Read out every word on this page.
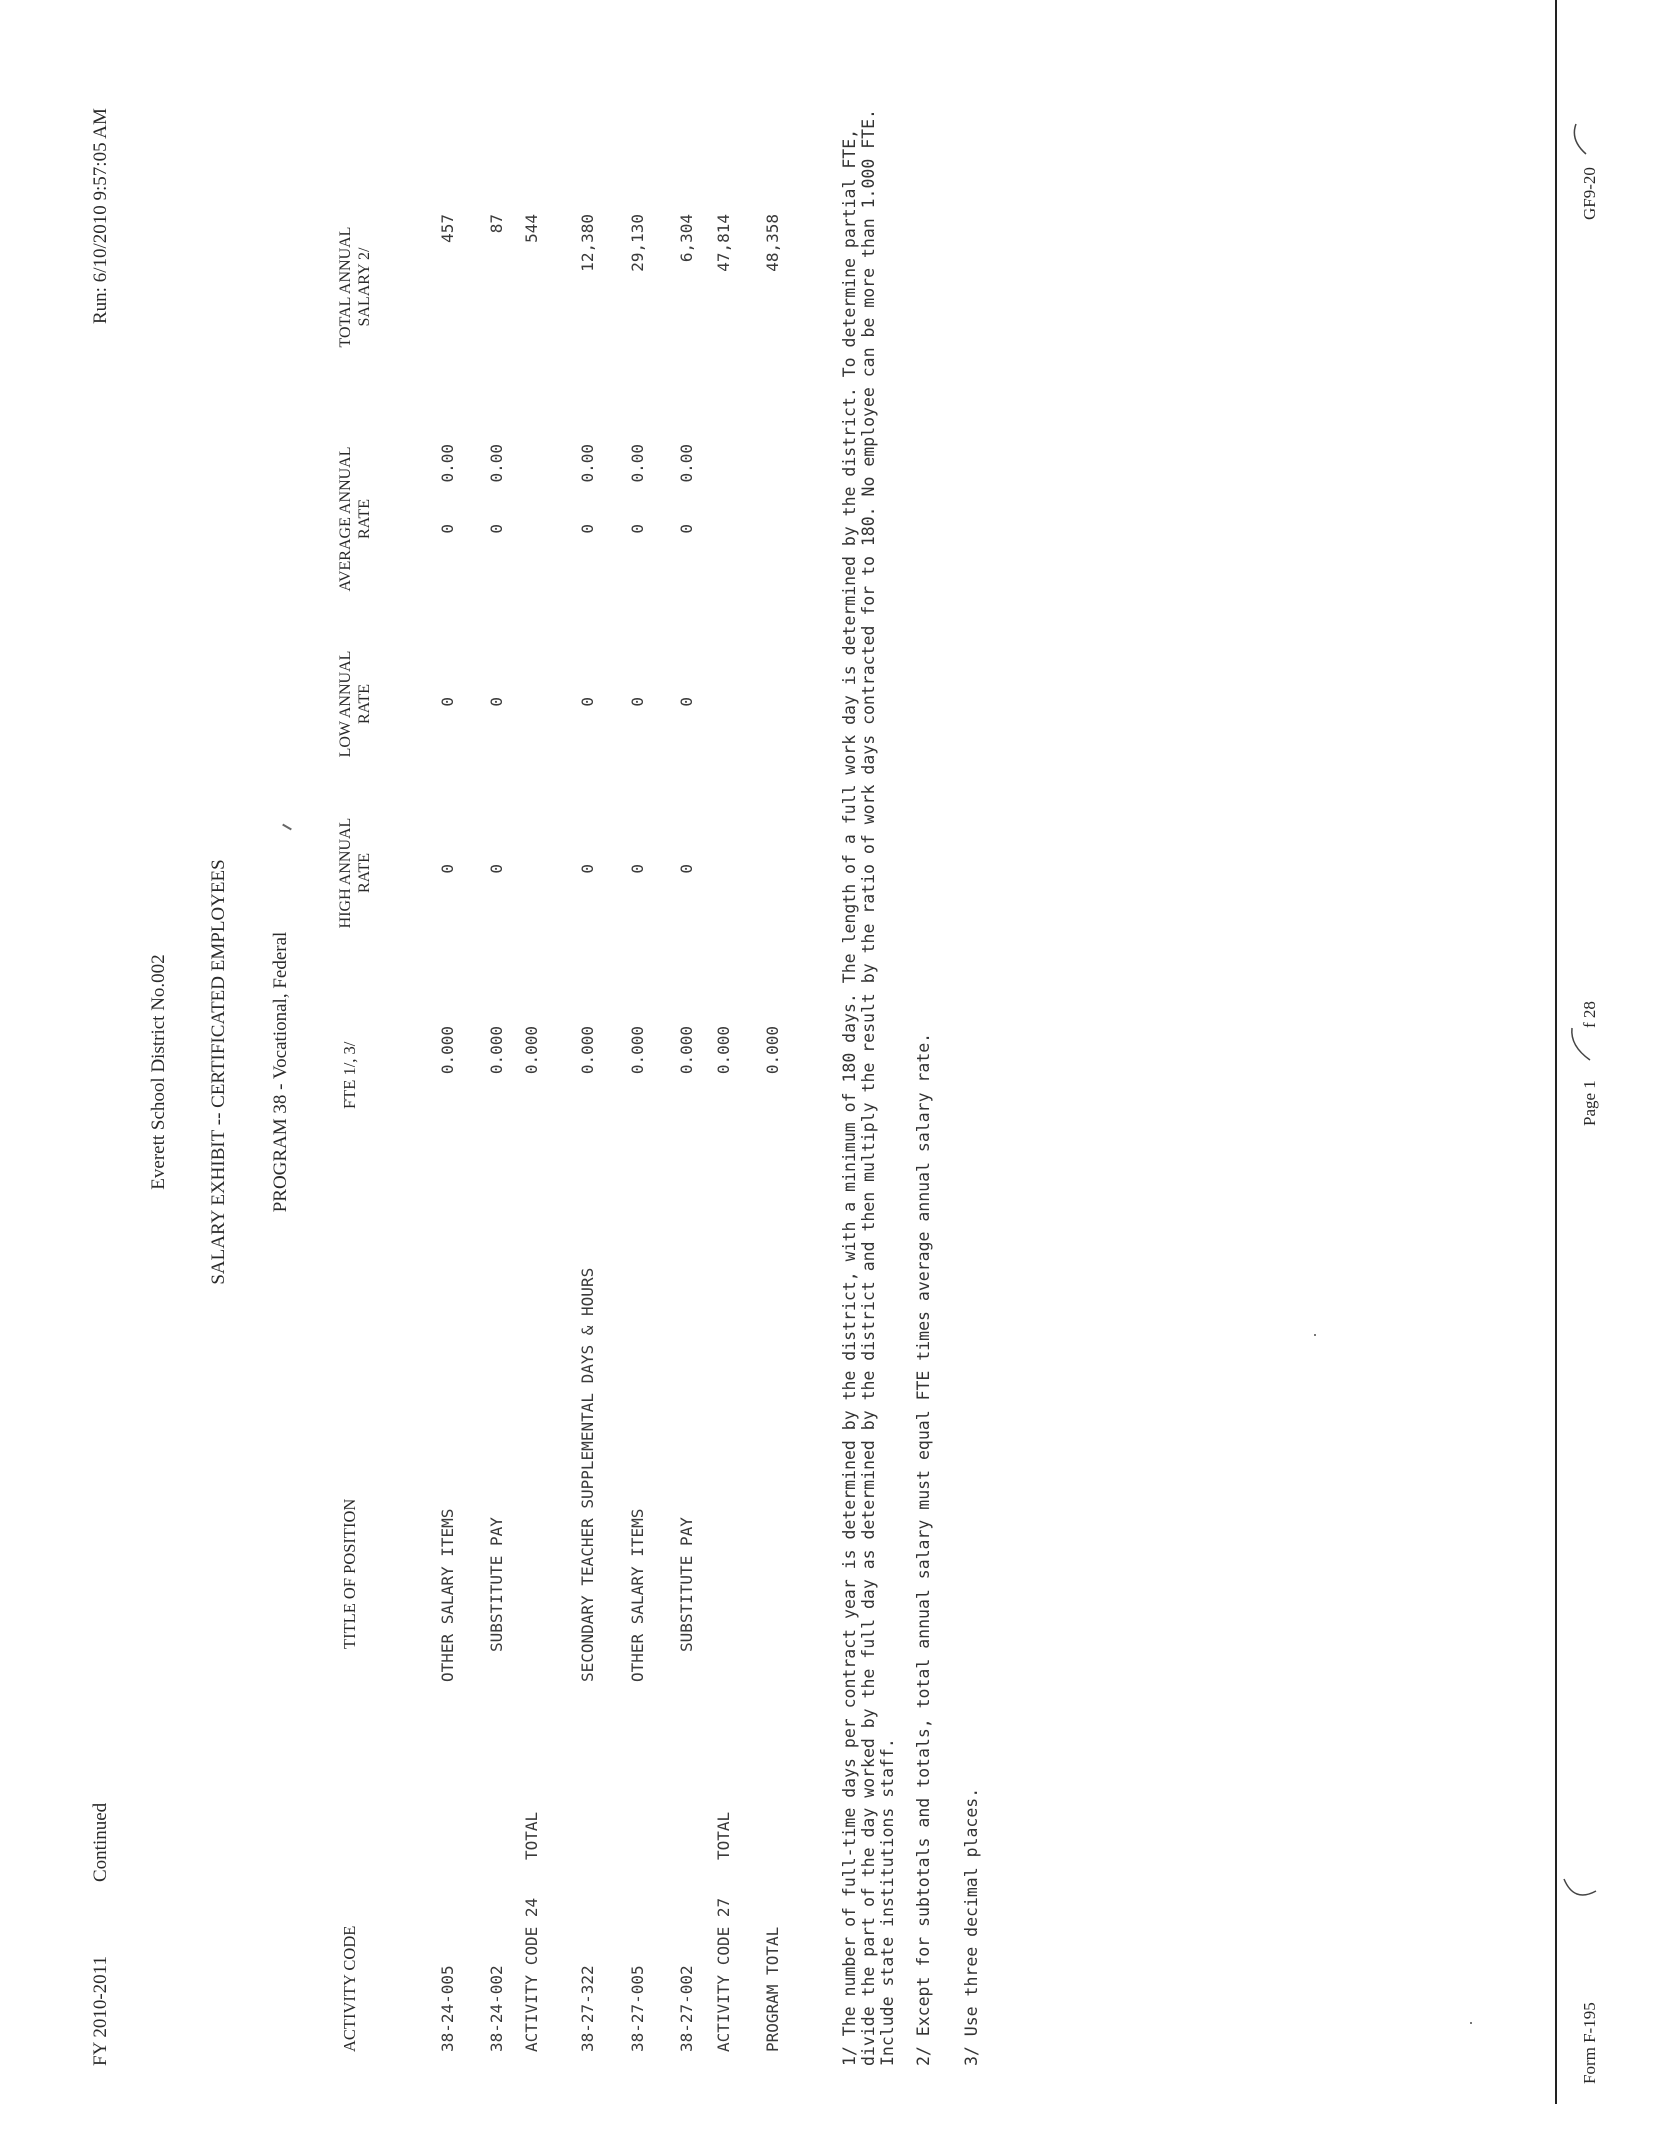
FY 2010-2011
Continued
Run: 6/10/2010 9:57:05 AM
Everett School District No.002 SALARY EXHIBIT -- CERTIFICATED EMPLOYEES PROGRAM 38 - Vocational, Federal
ACTIVITY CODE
TITLE OF POSITION
FTE 1/, 3/
HIGH ANNUAL RATE
LOW ANNUAL RATE
AVERAGE ANNUAL RATE
TOTAL ANNUAL SALARY 2/
38-24-005
OTHER SALARY ITEMS
0.000
0
0
0
0.00
457
38-24-002
SUBSTITUTE PAY
0.000
0
0
0
0.00
87
ACTIVITY CODE 24
TOTAL
0.000
544
38-27-322
SECONDARY TEACHER SUPPLEMENTAL DAYS & HOURS
0.000
0
0
0
0.00
12,380
38-27-005
OTHER SALARY ITEMS
0.000
0
0
0
0.00
29,130
38-27-002
SUBSTITUTE PAY
0.000
0
0
0
0.00
6,304
ACTIVITY CODE 27
TOTAL
0.000
47,814
PROGRAM TOTAL
0.000
48,358	1/ The number of full-time days per contract year is determined by the district, with a minimum of 180 days. The length of a full work day is determined by the district. To determine partial FTE, divide the part of the day worked by the full day as determined by the district and then multiply the result by the ratio of work days contracted for to 180. No employee can be more than 1.000 FTE. Include state institutions staff. 2/ Except for subtotals and totals, total annual salary must equal FTE times average annual salary rate. 3/ Use three decimal places.	Form F-195
Page 1
f 28
GF9-20
